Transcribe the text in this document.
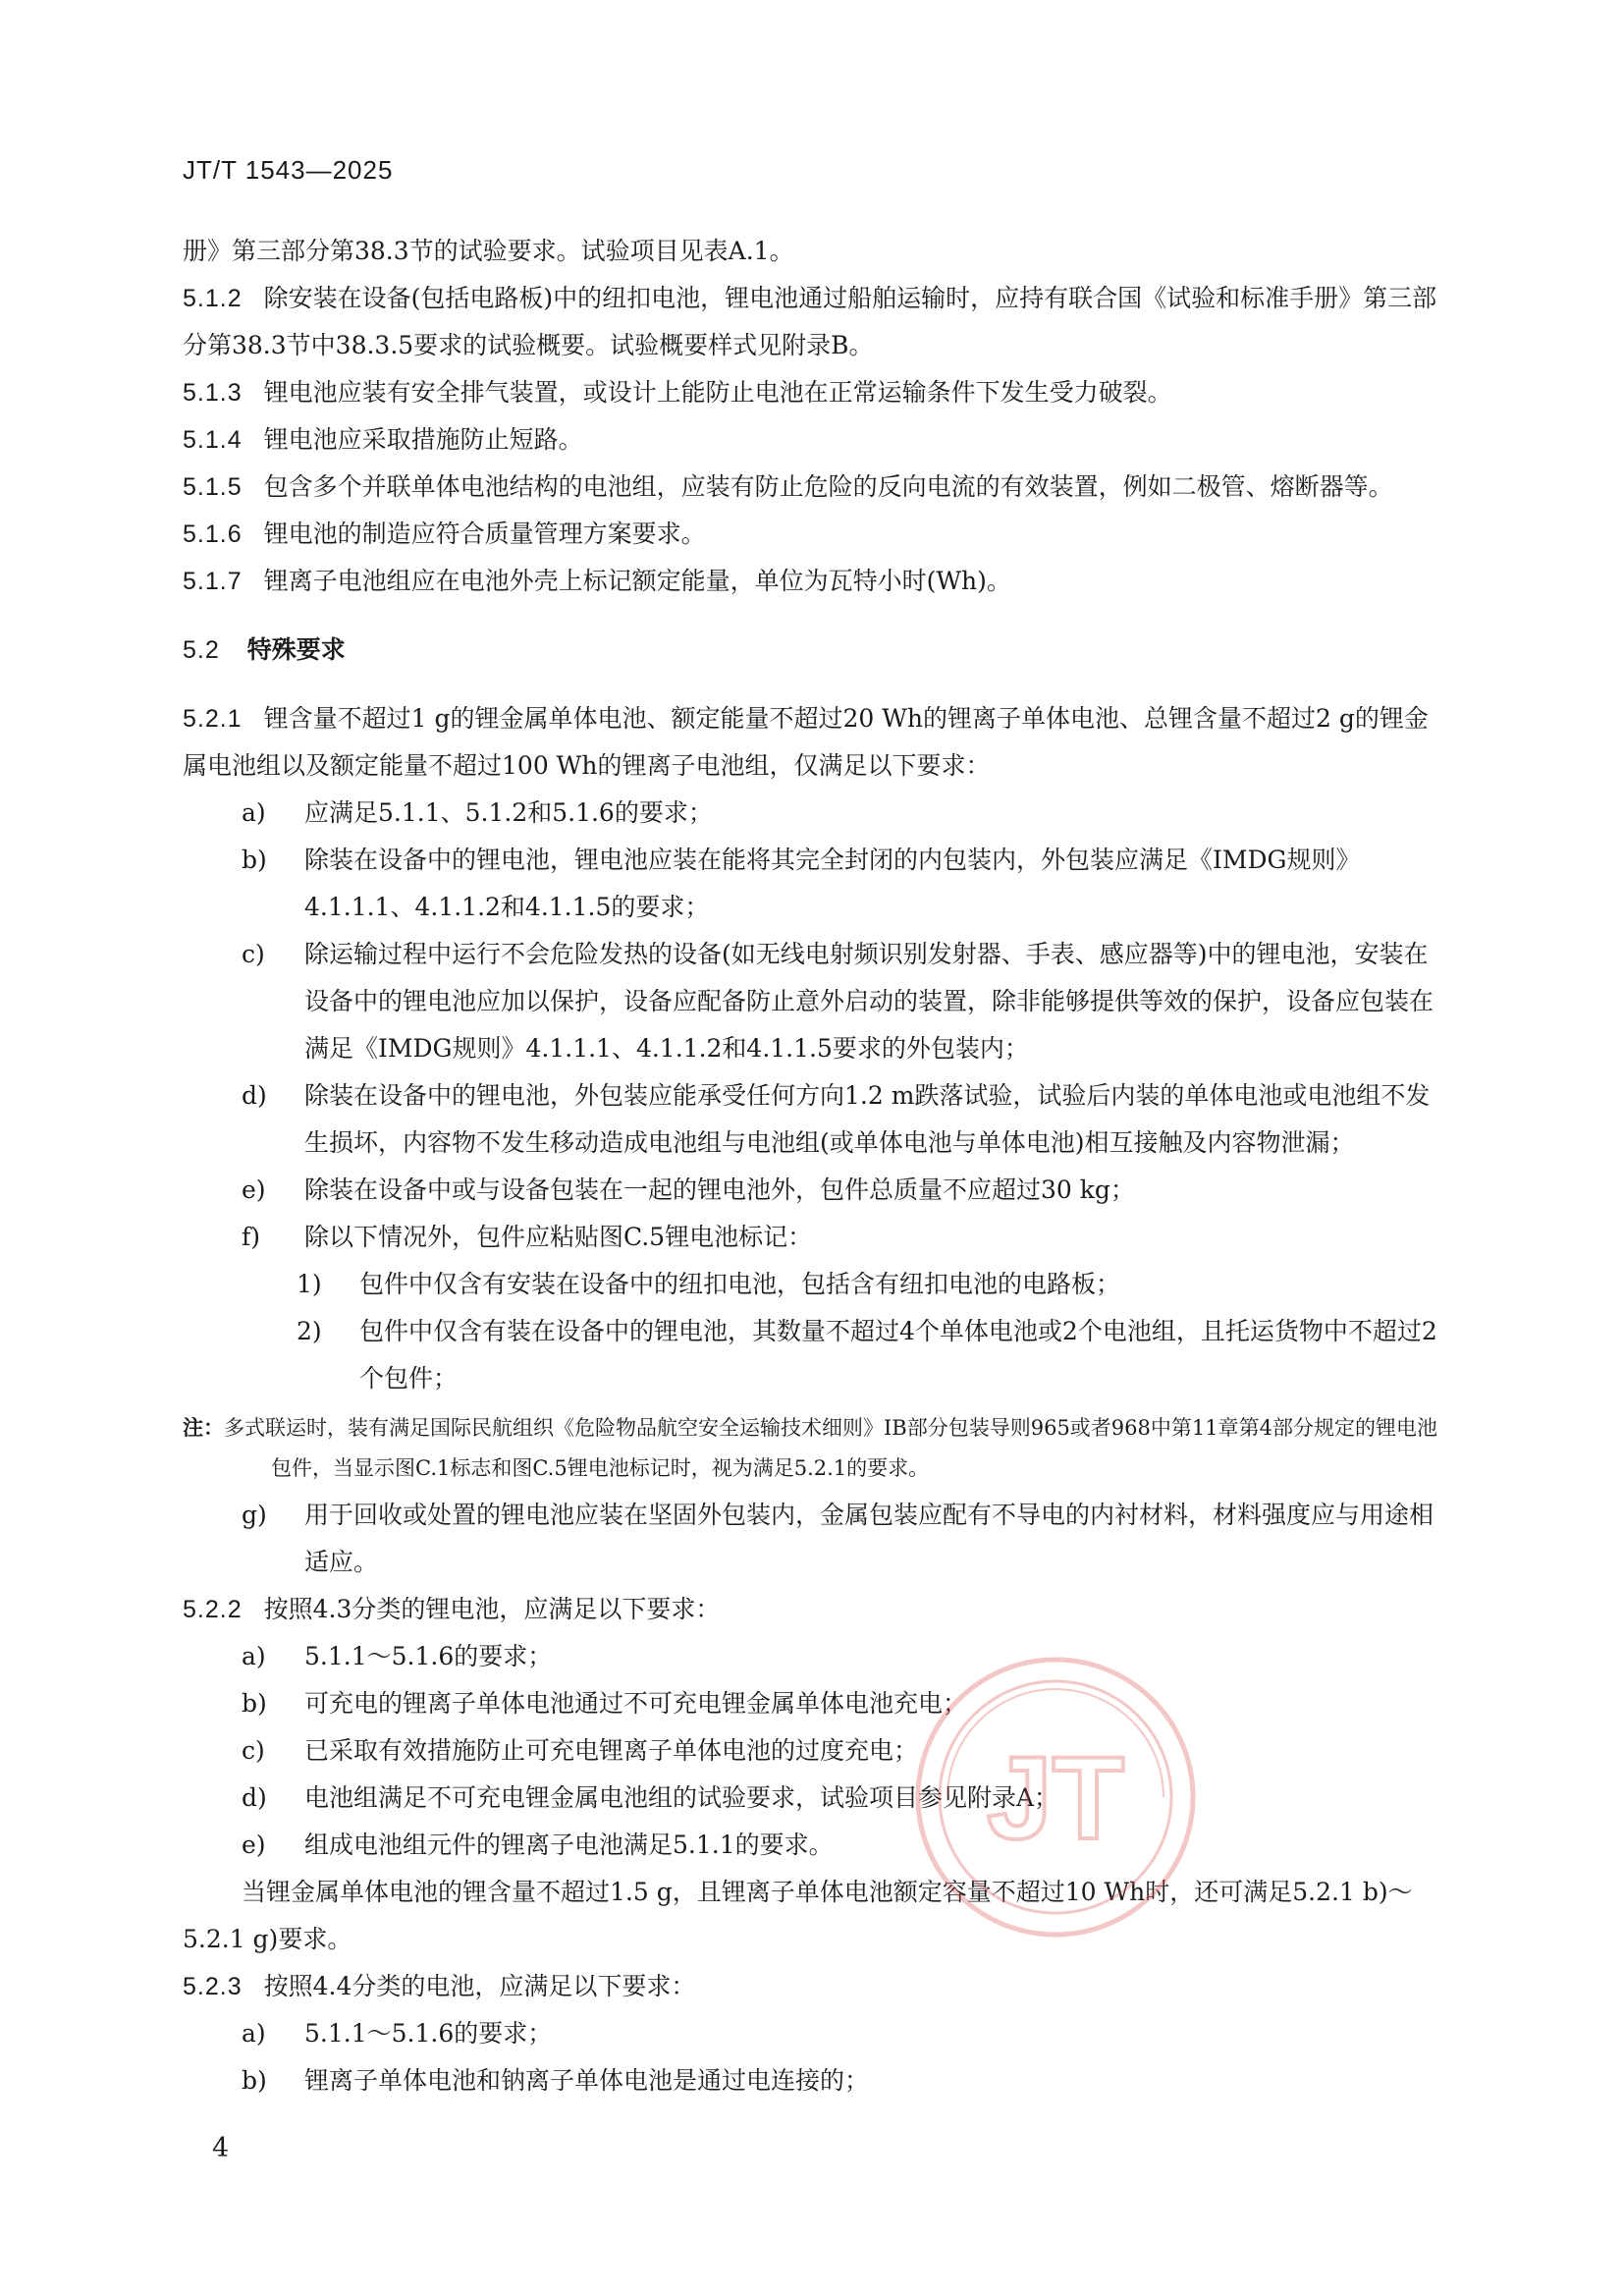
JT/T 1543—2025

册》第三部分第38.3节的试验要求。试验项目见表A.1。

5.1.2 除安装在设备(包括电路板)中的纽扣电池，锂电池通过船舶运输时，应持有联合国《试验和标准手册》第三部分第38.3节中38.3.5要求的试验概要。试验概要样式见附录B。

5.1.3 锂电池应装有安全排气装置，或设计上能防止电池在正常运输条件下发生受力破裂。

5.1.4 锂电池应采取措施防止短路。

5.1.5 包含多个并联单体电池结构的电池组，应装有防止危险的反向电流的有效装置，例如二极管、熔断器等。

5.1.6 锂电池的制造应符合质量管理方案要求。

5.1.7 锂离子电池组应在电池外壳上标记额定能量，单位为瓦特小时(Wh)。

5.2 特殊要求

5.2.1 锂含量不超过1 g的锂金属单体电池、额定能量不超过20 Wh的锂离子单体电池、总锂含量不超过2 g的锂金属电池组以及额定能量不超过100 Wh的锂离子电池组，仅满足以下要求：

a) 应满足5.1.1、5.1.2和5.1.6的要求；

b) 除装在设备中的锂电池，锂电池应装在能将其完全封闭的内包装内，外包装应满足《IMDG规则》4.1.1.1、4.1.1.2和4.1.1.5的要求；

c) 除运输过程中运行不会危险发热的设备(如无线电射频识别发射器、手表、感应器等)中的锂电池，安装在设备中的锂电池应加以保护，设备应配备防止意外启动的装置，除非能够提供等效的保护，设备应包装在满足《IMDG规则》4.1.1.1、4.1.1.2和4.1.1.5要求的外包装内；

d) 除装在设备中的锂电池，外包装应能承受任何方向1.2 m跌落试验，试验后内装的单体电池或电池组不发生损坏，内容物不发生移动造成电池组与电池组(或单体电池与单体电池)相互接触及内容物泄漏；

e) 除装在设备中或与设备包装在一起的锂电池外，包件总质量不应超过30 kg；

f) 除以下情况外，包件应粘贴图C.5锂电池标记：

1) 包件中仅含有安装在设备中的纽扣电池，包括含有纽扣电池的电路板；

2) 包件中仅含有装在设备中的锂电池，其数量不超过4个单体电池或2个电池组，且托运货物中不超过2个包件；

注：多式联运时，装有满足国际民航组织《危险物品航空安全运输技术细则》IB部分包装导则965或者968中第11章第4部分规定的锂电池包件，当显示图C.1标志和图C.5锂电池标记时，视为满足5.2.1的要求。

g) 用于回收或处置的锂电池应装在坚固外包装内，金属包装应配有不导电的内衬材料，材料强度应与用途相适应。

5.2.2 按照4.3分类的锂电池，应满足以下要求：

a) 5.1.1～5.1.6的要求；

b) 可充电的锂离子单体电池通过不可充电锂金属单体电池充电；

c) 已采取有效措施防止可充电锂离子单体电池的过度充电；

d) 电池组满足不可充电锂金属电池组的试验要求，试验项目参见附录A；

e) 组成电池组元件的锂离子电池满足5.1.1的要求。

当锂金属单体电池的锂含量不超过1.5 g，且锂离子单体电池额定容量不超过10 Wh时，还可满足5.2.1 b)～5.2.1 g)要求。

5.2.3 按照4.4分类的电池，应满足以下要求：

a) 5.1.1～5.1.6的要求；

b) 锂离子单体电池和钠离子单体电池是通过电连接的；

JT
4
